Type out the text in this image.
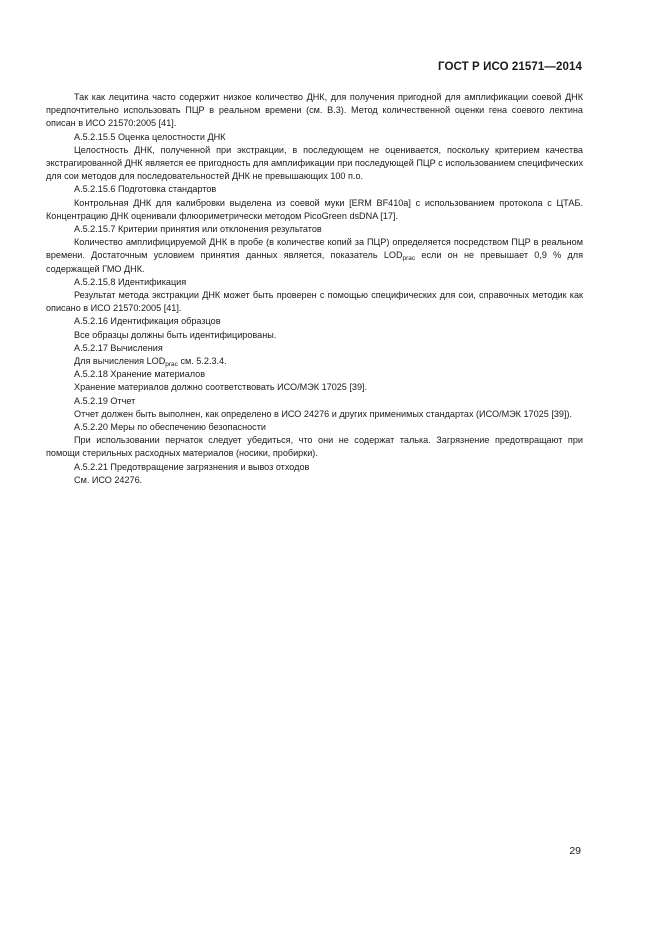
ГОСТ Р ИСО 21571—2014

Так как лецитина часто содержит низкое количество ДНК, для получения пригодной для амплификации соевой ДНК предпочтительно использовать ПЦР в реальном времени (см. В.3). Метод количественной оценки гена соевого лектина описан в ИСО 21570:2005 [41].

А.5.2.15.5 Оценка целостности ДНК

Целостность ДНК, полученной при экстракции, в последующем не оценивается, поскольку критерием качества экстрагированной ДНК является ее пригодность для амплификации при последующей ПЦР с использованием специфических для сои методов для последовательностей ДНК не превышающих 100 п.о.

А.5.2.15.6 Подготовка стандартов

Контрольная ДНК для калибровки выделена из соевой муки [ERM BF410a] с использованием протокола с ЦТАБ. Концентрацию ДНК оценивали флюориметрически методом PicoGreen dsDNA [17].

А.5.2.15.7 Критерии принятия или отклонения результатов

Количество амплифицируемой ДНК в пробе (в количестве копий за ПЦР) определяется посредством ПЦР в реальном времени. Достаточным условием принятия данных является, показатель $LOD_{prac}$ если он не превышает 0,9 % для содержащей ГМО ДНК.

А.5.2.15.8 Идентификация

Результат метода экстракции ДНК может быть проверен с помощью специфических для сои, справочных методик как описано в ИСО 21570:2005 [41].

А.5.2.16 Идентификация образцов

Все образцы должны быть идентифицированы.

А.5.2.17 Вычисления

Для вычисления $LOD_{prac}$ см. 5.2.3.4.

А.5.2.18 Хранение материалов

Хранение материалов должно соответствовать ИСО/МЭК 17025 [39].

А.5.2.19 Отчет

Отчет должен быть выполнен, как определено в ИСО 24276 и других применимых стандартах (ИСО/МЭК 17025 [39]).

А.5.2.20 Меры по обеспечению безопасности

При использовании перчаток следует убедиться, что они не содержат талька. Загрязнение предотвращают при помощи стерильных расходных материалов (носики, пробирки).

А.5.2.21 Предотвращение загрязнения и вывоз отходов

См. ИСО 24276.

29
